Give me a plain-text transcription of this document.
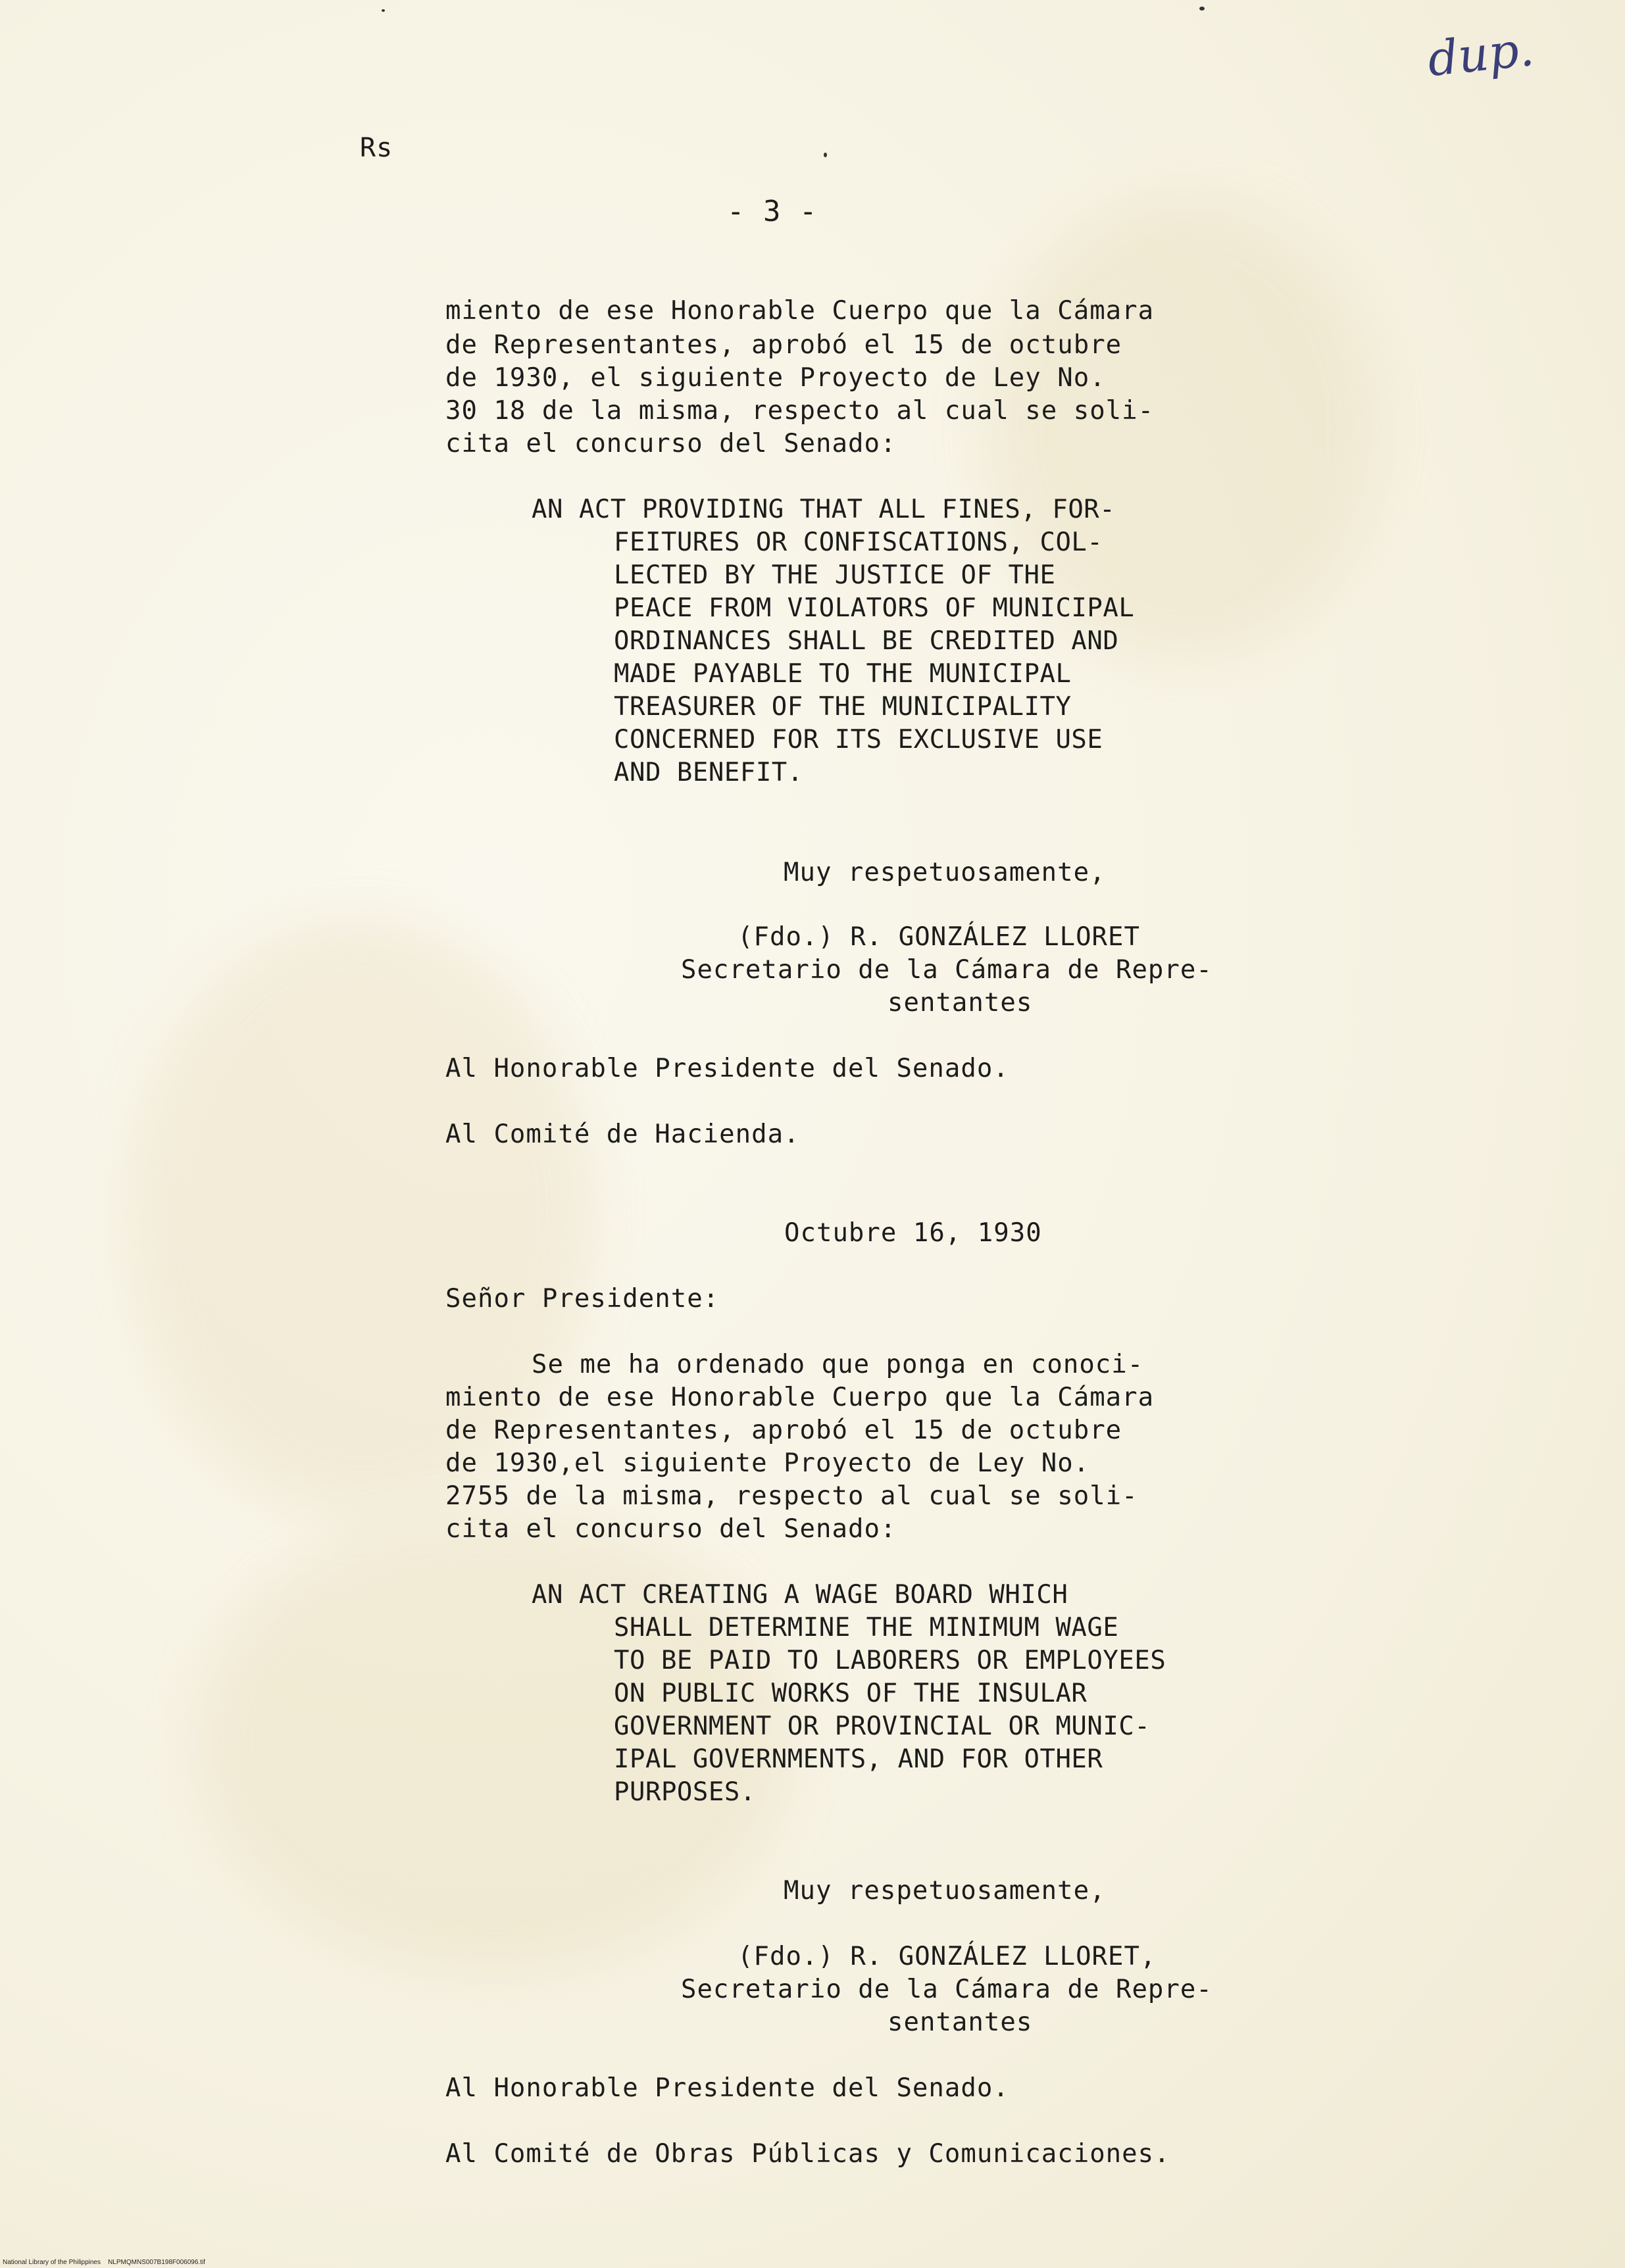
Rs
- 3 -
dup.
miento de ese Honorable Cuerpo que la Cámara
de Representantes, aprobó el 15 de octubre
de 1930, el siguiente Proyecto de Ley No.
30 18 de la misma, respecto al cual se soli-
cita el concurso del Senado:
AN ACT PROVIDING THAT ALL FINES, FOR-
FEITURES OR CONFISCATIONS, COL-
LECTED BY THE JUSTICE OF THE
PEACE FROM VIOLATORS OF MUNICIPAL
ORDINANCES SHALL BE CREDITED AND
MADE PAYABLE TO THE MUNICIPAL
TREASURER OF THE MUNICIPALITY
CONCERNED FOR ITS EXCLUSIVE USE
AND BENEFIT.
Muy respetuosamente,
(Fdo.) R. GONZÁLEZ LLORET
Secretario de la Cámara de Repre-
sentantes
Al Honorable Presidente del Senado.
Al Comité de Hacienda.
Octubre 16, 1930
Señor Presidente:
Se me ha ordenado que ponga en conoci-
miento de ese Honorable Cuerpo que la Cámara
de Representantes, aprobó el 15 de octubre
de 1930,el siguiente Proyecto de Ley No.
2755 de la misma, respecto al cual se soli-
cita el concurso del Senado:
AN ACT CREATING A WAGE BOARD WHICH
SHALL DETERMINE THE MINIMUM WAGE
TO BE PAID TO LABORERS OR EMPLOYEES
ON PUBLIC WORKS OF THE INSULAR
GOVERNMENT OR PROVINCIAL OR MUNIC-
IPAL GOVERNMENTS, AND FOR OTHER
PURPOSES.
Muy respetuosamente,
(Fdo.) R. GONZÁLEZ LLORET,
Secretario de la Cámara de Repre-
sentantes
Al Honorable Presidente del Senado.
Al Comité de Obras Públicas y Comunicaciones.
National Library of the Philippines    NLPMQMNS007B198F006096.tif
